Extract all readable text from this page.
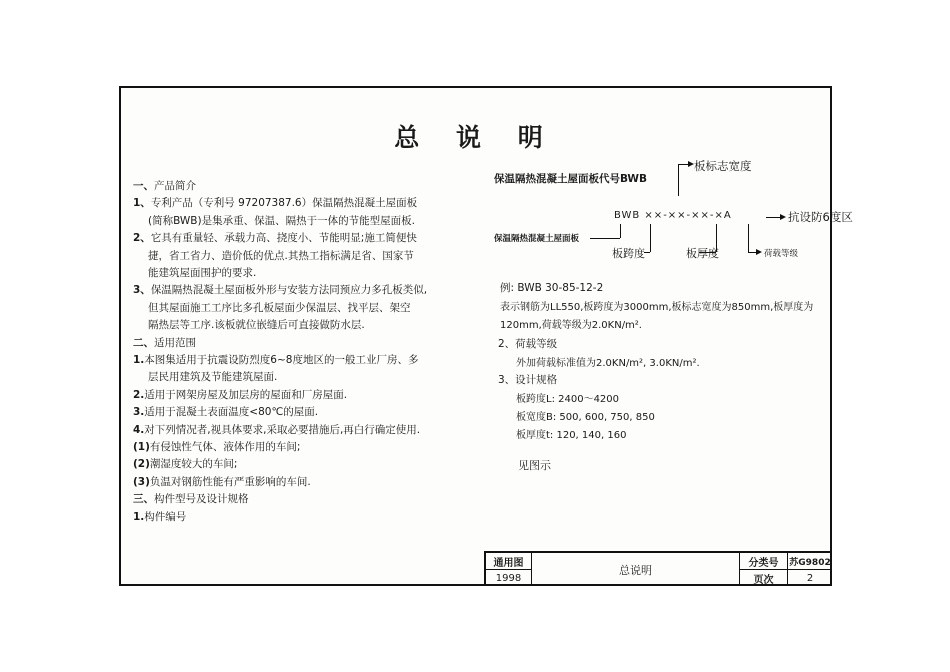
总 说 明
一、产品简介
1、专利产品（专利号 97207387.6）保温隔热混凝土屋面板
(简称BWB)是集承重、保温、隔热于一体的节能型屋面板.
2、它具有重量轻、承载力高、挠度小、节能明显;施工简便快
捷，省工省力、造价低的优点.其热工指标满足省、国家节
能建筑屋面围护的要求.
3、保温隔热混凝土屋面板外形与安装方法同预应力多孔板类似,
但其屋面施工工序比多孔板屋面少保温层、找平层、架空
隔热层等工序.该板就位嵌缝后可直接做防水层.
二、适用范围
1.本图集适用于抗震设防烈度6~8度地区的一般工业厂房、多
层民用建筑及节能建筑屋面.
2.适用于网架房屋及加层房的屋面和厂房屋面.
3.适用于混凝土表面温度<80℃的屋面.
4.对下列情况者,视具体要求,采取必要措施后,再白行确定使用.
(1)有侵蚀性气体、液体作用的车间;
(2)潮湿度较大的车间;
(3)负温对钢筋性能有严重影响的车间.
三、构件型号及设计规格
1.构件编号
保温隔热混凝土屋面板代号BWB
板标志宽度
BWB ××-××-××-×A	抗设防6度区
保温隔热混凝土屋面板
板跨度	板厚度	荷载等级
例: BWB 30-85-12-2
表示钢筋为LL550,板跨度为3000mm,板标志宽度为850mm,板厚度为
120mm,荷载等级为2.0KN/m².
2、荷载等级
外加荷载标准值为2.0KN/m², 3.0KN/m².
3、设计规格
板跨度L: 2400～4200
板宽度B: 500, 600, 750, 850
板厚度t: 120, 140, 160
见图示
通用图
1998
总说明
分类号	苏G9802
页次	2
